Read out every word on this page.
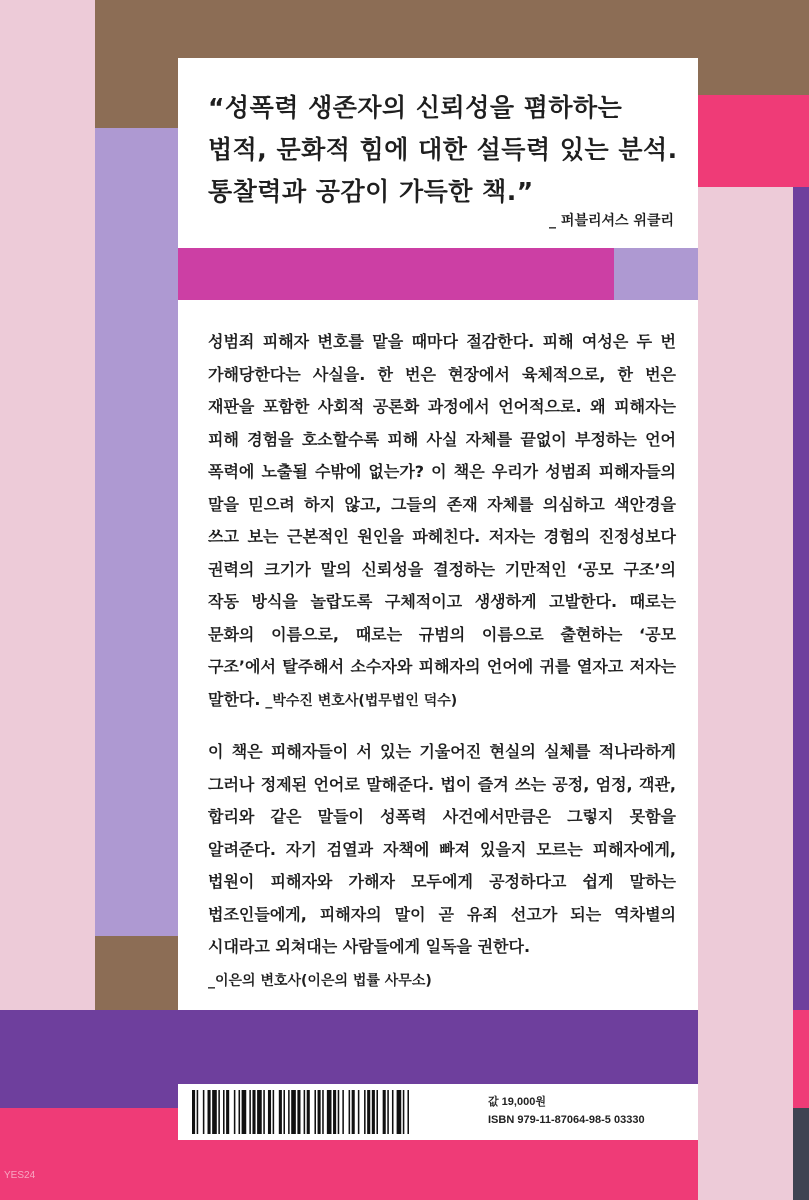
“성폭력 생존자의 신뢰성을 폄하하는
법적, 문화적 힘에 대한 설득력 있는 분석.
통찰력과 공감이 가득한 책.”
_ 퍼블리셔스 위클리

성범죄 피해자 변호를 맡을 때마다 절감한다. 피해 여성은 두 번 가해당한다는 사실을. 한 번은 현장에서 육체적으로, 한 번은 재판을 포함한 사회적 공론화 과정에서 언어적으로. 왜 피해자는 피해 경험을 호소할수록 피해 사실 자체를 끝없이 부정하는 언어 폭력에 노출될 수밖에 없는가? 이 책은 우리가 성범죄 피해자들의 말을 믿으려 하지 않고, 그들의 존재 자체를 의심하고 색안경을 쓰고 보는 근본적인 원인을 파헤친다. 저자는 경험의 진정성보다 권력의 크기가 말의 신뢰성을 결정하는 기만적인 ‘공모 구조’의 작동 방식을 놀랍도록 구체적이고 생생하게 고발한다. 때로는 문화의 이름으로, 때로는 규범의 이름으로 출현하는 ‘공모 구조’에서 탈주해서 소수자와 피해자의 언어에 귀를 열자고 저자는 말한다. _박수진 변호사(법무법인 덕수)

이 책은 피해자들이 서 있는 기울어진 현실의 실체를 적나라하게 그러나 정제된 언어로 말해준다. 법이 즐겨 쓰는 공정, 엄정, 객관, 합리와 같은 말들이 성폭력 사건에서만큼은 그렇지 못함을 알려준다. 자기 검열과 자책에 빠져 있을지 모르는 피해자에게, 법원이 피해자와 가해자 모두에게 공정하다고 쉽게 말하는 법조인들에게, 피해자의 말이 곧 유죄 선고가 되는 역차별의 시대라고 외쳐대는 사람들에게 일독을 권한다.
_이은의 변호사(이은의 법률 사무소)

값 19,000원
ISBN 979-11-87064-98-5 03330
YES24
